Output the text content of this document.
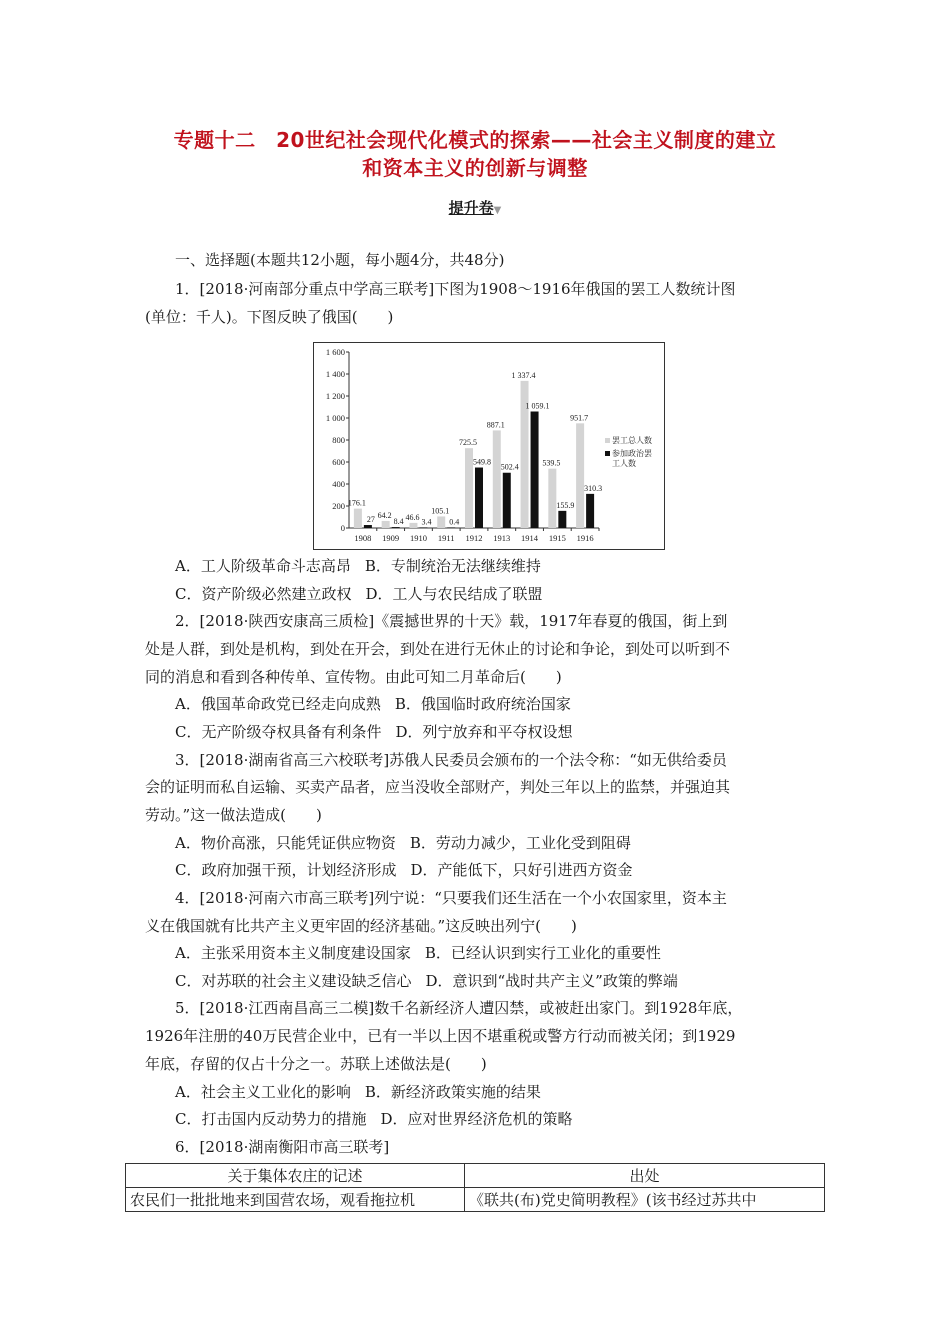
专题十二　20世纪社会现代化模式的探索——社会主义制度的建立
和资本主义的创新与调整
提升卷▼
一、选择题(本题共12小题，每小题4分，共48分)
1．[2018·河南部分重点中学高三联考]下图为1908～1916年俄国的罢工人数统计图
(单位：千人)。下图反映了俄国(　　)
0
200
400
600
800
1 000
1 200
1 400
1 600
1908
176.1
27
1909
64.2
8.4
1910
46.6
3.4
1911
105.1
0.4
1912
725.5
549.8
1913
887.1
502.4
1914
1 337.4
1 059.1
1915
539.5
155.9
1916
951.7
310.3
罢工总人数
参加政治罢
工人数
A．工人阶级革命斗志高昂 B．专制统治无法继续维持
C．资产阶级必然建立政权 D．工人与农民结成了联盟
2．[2018·陕西安康高三质检]《震撼世界的十天》载，1917年春夏的俄国，街上到
处是人群，到处是机构，到处在开会，到处在进行无休止的讨论和争论，到处可以听到不
同的消息和看到各种传单、宣传物。由此可知二月革命后(　　)
A．俄国革命政党已经走向成熟 B．俄国临时政府统治国家
C．无产阶级夺权具备有利条件 D．列宁放弃和平夺权设想
3．[2018·湖南省高三六校联考]苏俄人民委员会颁布的一个法令称：“如无供给委员
会的证明而私自运输、买卖产品者，应当没收全部财产，判处三年以上的监禁，并强迫其
劳动。”这一做法造成(　　)
A．物价高涨，只能凭证供应物资 B．劳动力减少，工业化受到阻碍
C．政府加强干预，计划经济形成 D．产能低下，只好引进西方资金
4．[2018·河南六市高三联考]列宁说：“只要我们还生活在一个小农国家里，资本主
义在俄国就有比共产主义更牢固的经济基础。”这反映出列宁(　　)
A．主张采用资本主义制度建设国家 B．已经认识到实行工业化的重要性
C．对苏联的社会主义建设缺乏信心 D．意识到“战时共产主义”政策的弊端
5．[2018·江西南昌高三二模]数千名新经济人遭囚禁，或被赶出家门。到1928年底，
1926年注册的40万民营企业中，已有一半以上因不堪重税或警方行动而被关闭；到1929
年底，存留的仅占十分之一。苏联上述做法是(　　)
A．社会主义工业化的影响 B．新经济政策实施的结果
C．打击国内反动势力的措施 D．应对世界经济危机的策略
6．[2018·湖南衡阳市高三联考]
关于集体农庄的记述	出处
农民们一批批地来到国营农场，观看拖拉机	《联共(布)党史简明教程》(该书经过苏共中
